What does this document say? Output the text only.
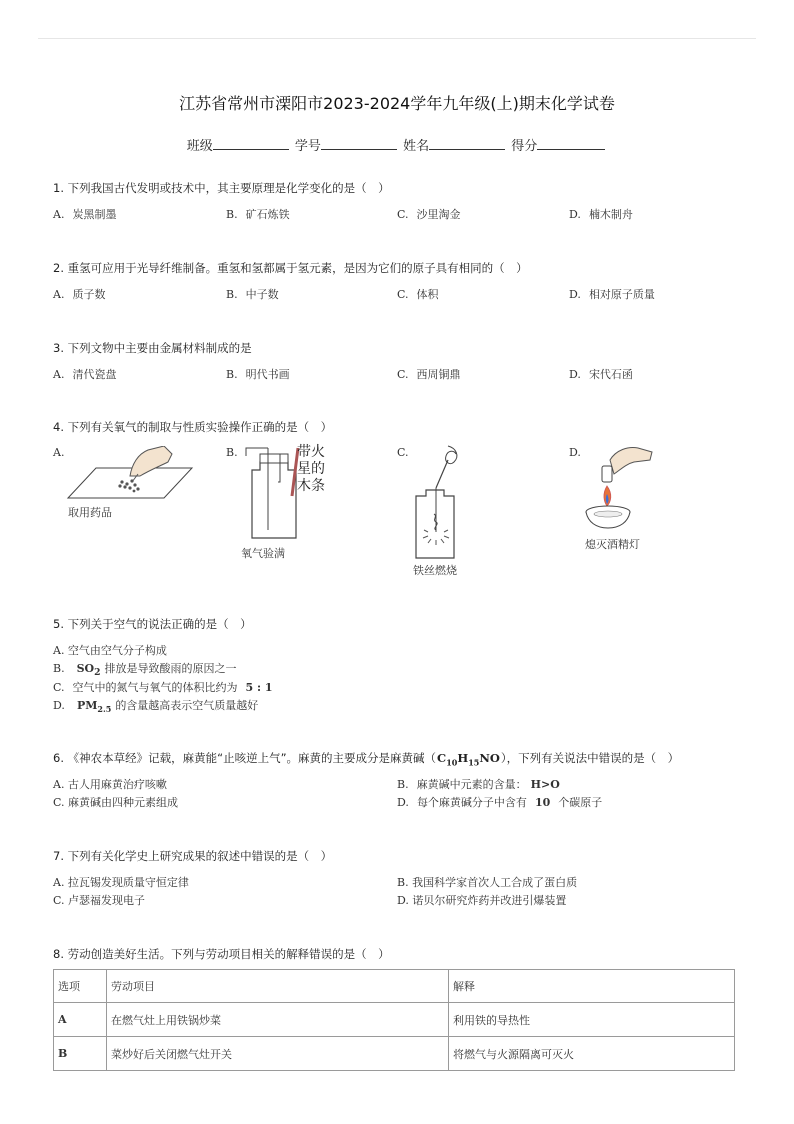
江苏省常州市溧阳市2023-2024学年九年级(上)期末化学试卷
班级	学号	姓名	得分
1. 下列我国古代发明或技术中，其主要原理是化学变化的是（　）
A. 炭黑制墨	B. 矿石炼铁	C. 沙里淘金	D. 楠木制舟
2. 重氢可应用于光导纤维制备。重氢和氢都属于氢元素，是因为它们的原子具有相同的（　）
A. 质子数	B. 中子数	C. 体积	D. 相对原子质量
3. 下列文物中主要由金属材料制成的是
A. 清代瓷盘	B. 明代书画	C. 西周铜鼎	D. 宋代石函
4. 下列有关氧气的制取与性质实验操作正确的是（　）
A.
取用药品
B.	带火
星的
木条
氧气验满
C.
铁丝燃烧
D.
熄灭酒精灯
5. 下列关于空气的说法正确的是（　）
A. 空气由空气分子构成
B. $SO_2$ 排放是导致酸雨的原因之一
C. 空气中的氮气与氧气的体积比约为 5 : 1
D. $PM_{2.5}$ 的含量越高表示空气质量越好
6. 《神农本草经》记载，麻黄能“止咳逆上气”。麻黄的主要成分是麻黄碱$(C_{10}H_{15}NO)$，下列有关说法中错误的是（　）
A. 古人用麻黄治疗咳嗽	B. 麻黄碱中元素的含量： H>O
C. 麻黄碱由四种元素组成	D. 每个麻黄碱分子中含有 10 个碳原子
7. 下列有关化学史上研究成果的叙述中错误的是（　）
A. 拉瓦锡发现质量守恒定律	B. 我国科学家首次人工合成了蛋白质
C. 卢瑟福发现电子	D. 诺贝尔研究炸药并改进引爆装置
8. 劳动创造美好生活。下列与劳动项目相关的解释错误的是（　）
选项	劳动项目	解释
A	在燃气灶上用铁锅炒菜	利用铁的导热性
B	菜炒好后关闭燃气灶开关	将燃气与火源隔离可灭火
